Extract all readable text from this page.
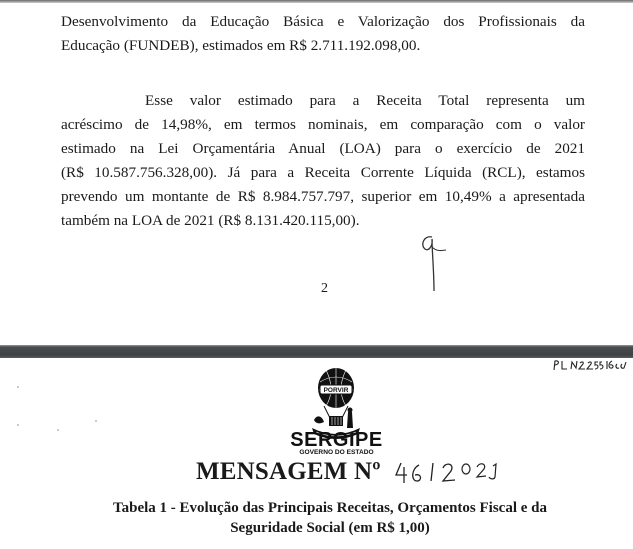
Desenvolvimento da Educação Básica e Valorização dos Profissionais da
Educação (FUNDEB), estimados em R$ 2.711.192.098,00.
Esse valor estimado para a Receita Total representa um
acréscimo de 14,98%, em termos nominais, em comparação com o valor
estimado na Lei Orçamentária Anual (LOA) para o exercício de 2021
(R$ 10.587.756.328,00). Já para a Receita Corrente Líquida (RCL), estamos
prevendo um montante de R$ 8.984.757.797, superior em 10,49% a apresentada
também na LOA de 2021 (R$ 8.131.420.115,00).
2
PORVIR
SERGIPE
GOVERNO DO ESTADO
MENSAGEM Nº
Tabela 1 - Evolução das Principais Receitas, Orçamentos Fiscal e da
Seguridade Social (em R$ 1,00)
